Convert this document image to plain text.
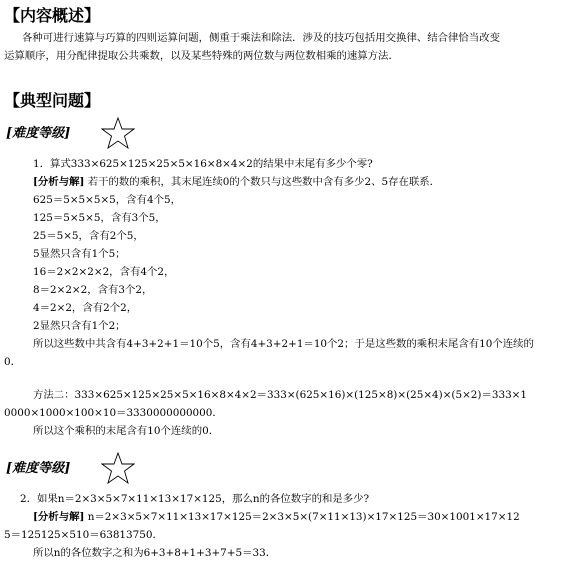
【内容概述】
各种可进行速算与巧算的四则运算问题，侧重于乘法和除法．涉及的技巧包括用交换律、结合律恰当改变
运算顺序，用分配律提取公共乘数，以及某些特殊的两位数与两位数相乘的速算方法．
【典型问题】
[难度等级]
1．算式333×625×125×25×5×16×8×4×2的结果中末尾有多少个零?
[分析与解] 若干的数的乘积，其末尾连续0的个数只与这些数中含有多少2、5存在联系．
625＝5×5×5×5，含有4个5，
125＝5×5×5，含有3个5，
25＝5×5，含有2个5，
5显然只含有1个5；
16＝2×2×2×2，含有4个2，
8＝2×2×2，含有3个2，
4＝2×2，含有2个2，
2显然只含有1个2；
所以这些数中共含有4+3+2+1＝10个5，含有4+3+2+1＝10个2；于是这些数的乘积末尾含有10个连续的
0．
方法二：333×625×125×25×5×16×8×4×2＝333×(625×16)×(125×8)×(25×4)×(5×2)＝333×1
0000×1000×100×10＝3330000000000．
所以这个乘积的末尾含有10个连续的0．
[难度等级]
2．如果n＝2×3×5×7×11×13×17×125，那么n的各位数字的和是多少?
[分析与解] n＝2×3×5×7×11×13×17×125＝2×3×5×(7×11×13)×17×125＝30×1001×17×12
5＝125125×510＝63813750．
所以n的各位数字之和为6+3+8+1+3+7+5＝33．
